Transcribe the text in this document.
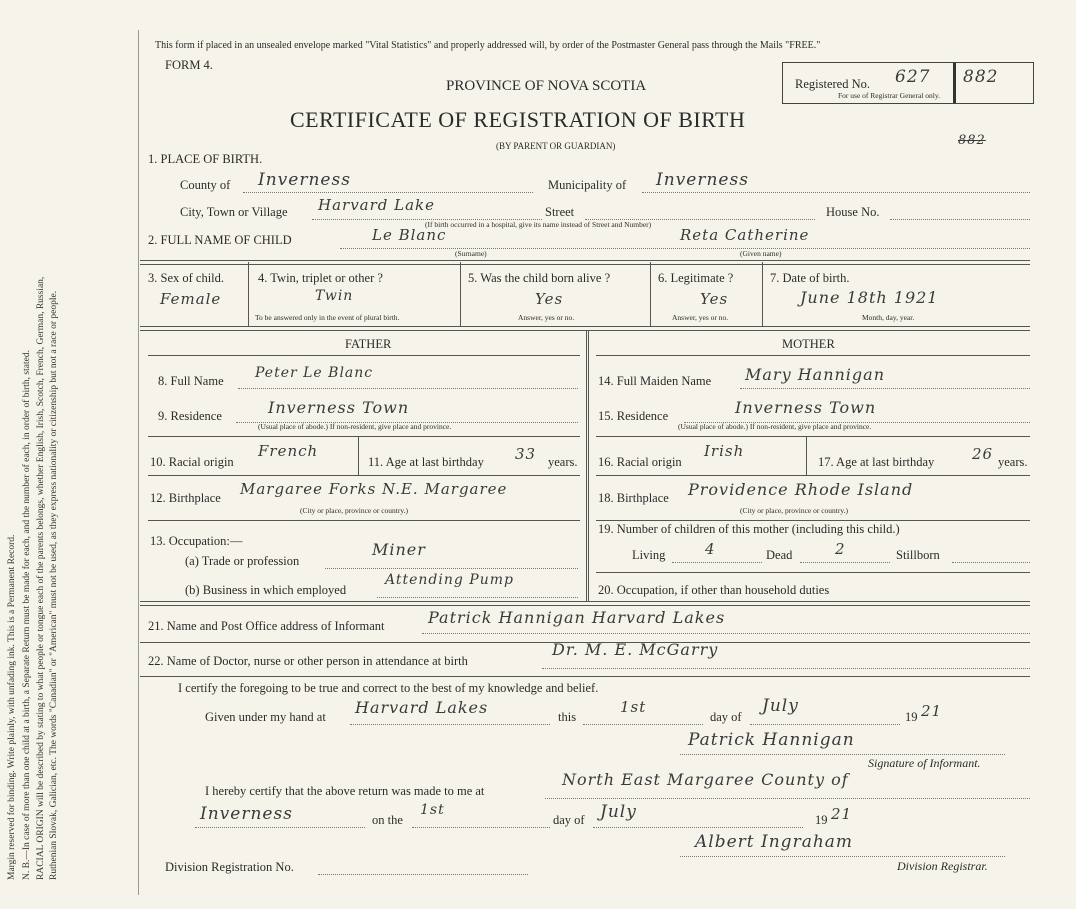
Margin reserved for binding. Write plainly, with unfading ink. This is a Permanent Record. N. B.—In case of more than one child at a birth, a Separate Return must be made for each, and the number of each, in order of birth, stated. RACIAL ORIGIN will be described by stating to what people or tongue each of the parents belongs, whether English, Irish, Scotch, French, German, Russian, Ruthenian Slovak, Galician, etc. The words "Canadian" or "American" must not be used, as they express nationality or citizenship but not a race or people.
This form if placed in an unsealed envelope marked "Vital Statistics" and properly addressed will, by order of the Postmaster General pass through the Mails "FREE."
FORM 4.
PROVINCE OF NOVA SCOTIA
CERTIFICATE OF REGISTRATION OF BIRTH
(BY PARENT OR GUARDIAN)
Registered No. 627 882
For use of Registrar General only.
882
1. PLACE OF BIRTH.
County of Inverness	Municipality of Inverness
City, Town or Village Harvard Lake	Street	House No.
(If birth occurred in a hospital, give its name instead of Street and Number)
2. FULL NAME OF CHILD	Le Blanc
(Surname)
Reta Catherine
(Given name)
3. Sex of child.
Female
4. Twin, triplet or other ?
Twin
To be answered only in the event of plural birth.
5. Was the child born alive ?
Yes
Answer, yes or no.
6. Legitimate ?
Yes
Answer, yes or no.
7. Date of birth.
June 18th 1921
Month, day, year.
FATHER	MOTHER
8. Full Name Peter Le Blanc
9. Residence	Inverness Town
(Usual place of abode.) If non-resident, give place and province.
10. Racial origin
French
11. Age at last birthday 33 years.
12. Birthplace Margaree Forks N.E. Margaree
(City or place, province or country.)
13. Occupation:—
(a) Trade or profession
Miner
(b) Business in which employed
Attending Pump
14. Full Maiden Name Mary Hannigan
15. Residence	Inverness Town
(Usual place of abode.) If non-resident, give place and province.
16. Racial origin
Irish
17. Age at last birthday	26 years.
18. Birthplace Providence Rhode Island
(City or place, province or country.)
19. Number of children of this mother (including this child.)
Living	4	Dead	2	Stillborn
20. Occupation, if other than household duties
21. Name and Post Office address of Informant	Patrick Hannigan Harvard Lakes
22. Name of Doctor, nurse or other person in attendance at birth
Dr. M. E. McGarry
I certify the foregoing to be true and correct to the best of my knowledge and belief.
Given under my hand at Harvard Lakes	this
1st
day of
July
19 21
Patrick Hannigan
Signature of Informant.
I hereby certify that the above return was made to me at
North East Margaree County of
Inverness	on the
1st
day of July	19 21
Albert Ingraham
Division Registration No.	Division Registrar.
